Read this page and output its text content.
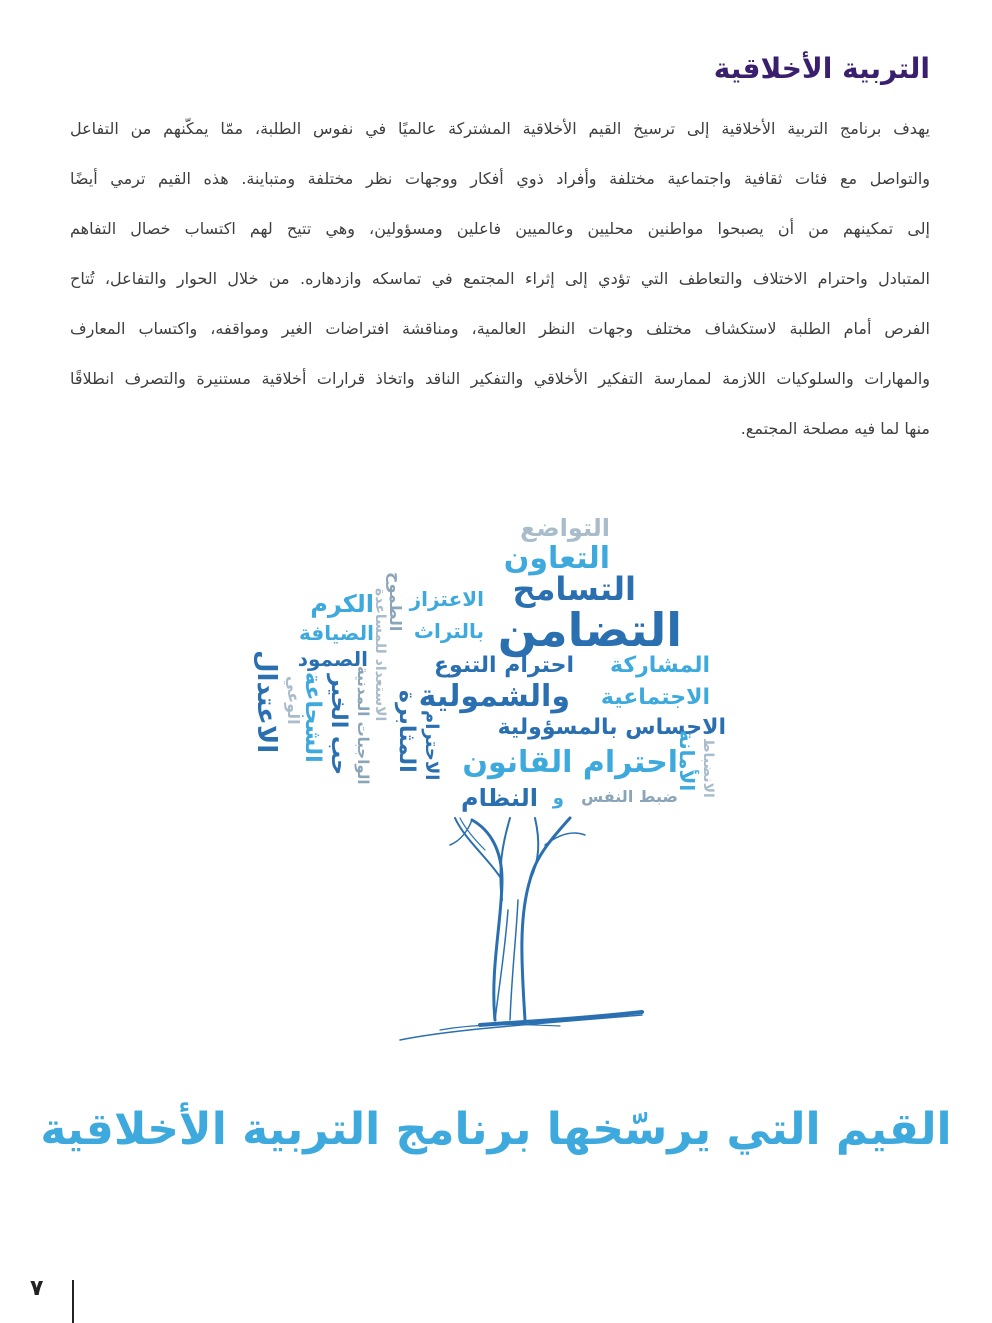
التربية الأخلاقية
يهدف برنامج التربية الأخلاقية إلى ترسيخ القيم الأخلاقية المشتركة عالميًا في نفوس الطلبة، ممّا يمكّنهم من التفاعل
والتواصل مع فئات ثقافية واجتماعية مختلفة وأفراد ذوي أفكار ووجهات نظر مختلفة ومتباينة. هذه القيم ترمي أيضًا
إلى تمكينهم من أن يصبحوا مواطنين محليين وعالميين فاعلين ومسؤولين، وهي تتيح لهم اكتساب خصال التفاهم
المتبادل واحترام الاختلاف والتعاطف التي تؤدي إلى إثراء المجتمع في تماسكه وازدهاره. من خلال الحوار والتفاعل، تُتاح
الفرص أمام الطلبة لاستكشاف مختلف وجهات النظر العالمية، ومناقشة افتراضات الغير ومواقفه، واكتساب المعارف
والمهارات والسلوكيات اللازمة لممارسة التفكير الأخلاقي والتفكير الناقد واتخاذ قرارات أخلاقية مستنيرة والتصرف انطلاقًا
منها لما فيه مصلحة المجتمع.
التواضع
التعاون
التسامح
التضامن
الاعتزاز
بالتراث
الكرم
الضيافة
المشاركة
احترام التنوع
الصمود
الاجتماعية
والشمولية
الاحساس بالمسؤولية
احترام القانون
ضبط النفس
و
النظام
الطموح
الاعتدال الوعي
الشجاعة حب الخير الواجبات المدنية
الاستعداد للمساعدة
المثابرة الاحترام	الأمانة الانضباط
القيم التي يرسّخها برنامج التربية الأخلاقية
٧
